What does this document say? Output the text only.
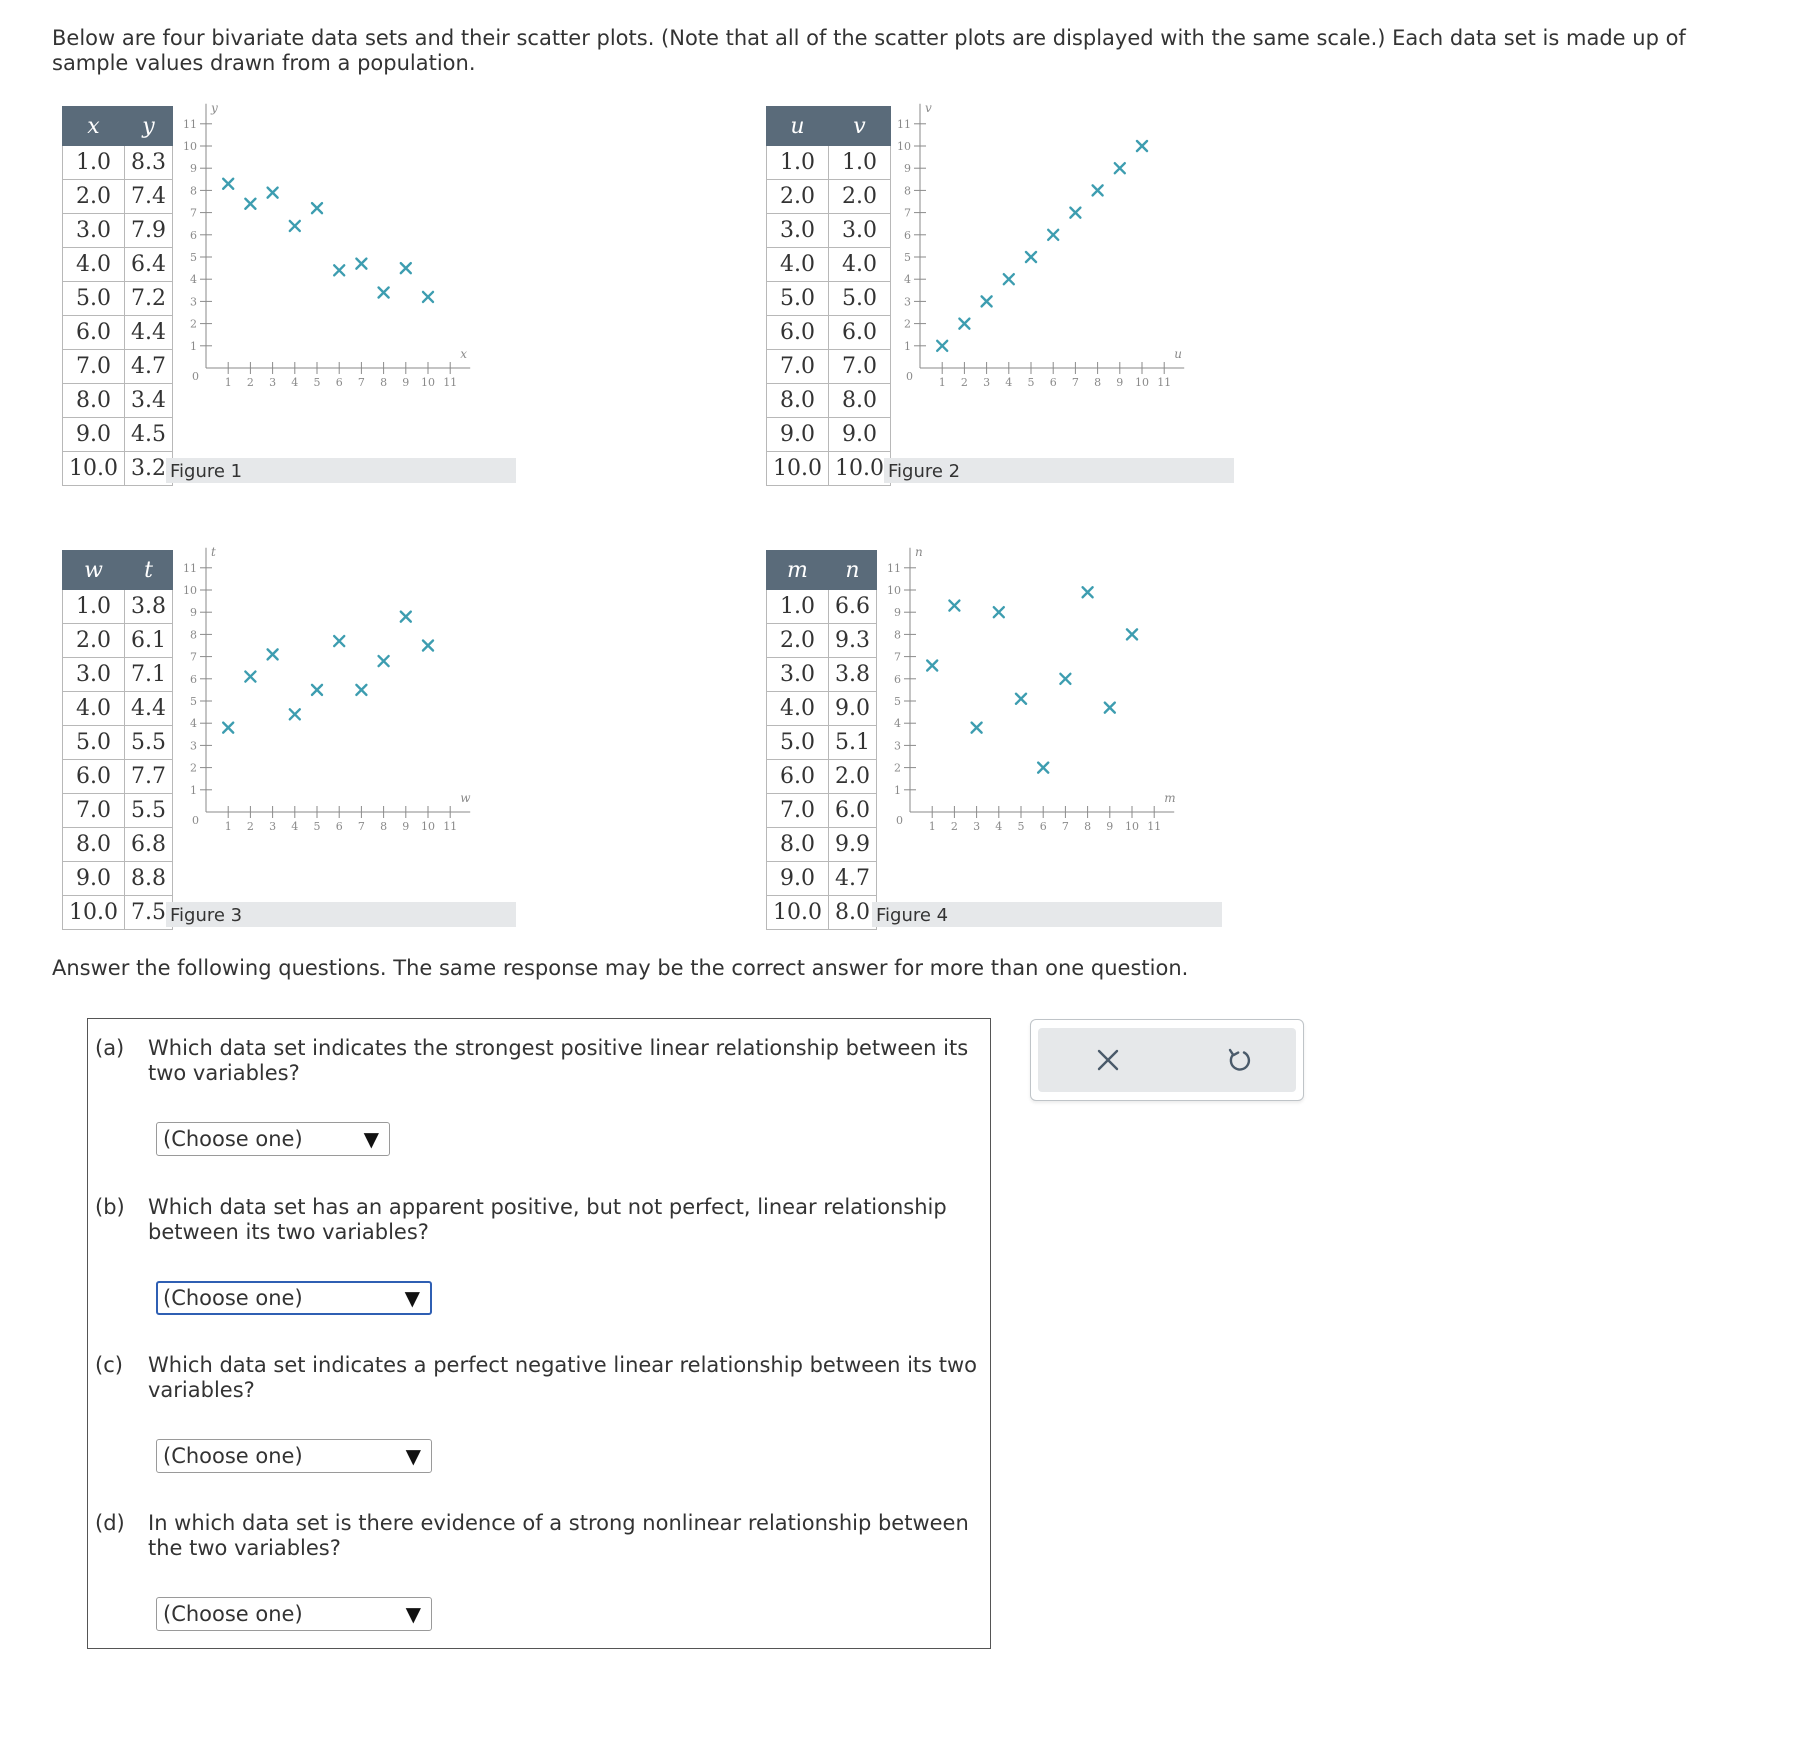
Below are four bivariate data sets and their scatter plots. (Note that all of the scatter plots are displayed with the same scale.) Each data set is made up of sample values drawn from a population.

x	y
1.0	8.3
2.0	7.4
3.0	7.9
4.0	6.4
5.0	7.2
6.0	4.4
7.0	4.7
8.0	3.4
9.0	4.5
10.0	3.2
0 1
1
2
2
3
3
4
4
5
5
6
6
7
7
8
8
9
9
10
10
11
11
x
y
Figure 1
u	v
1.0	1.0
2.0	2.0
3.0	3.0
4.0	4.0
5.0	5.0
6.0	6.0
7.0	7.0
8.0	8.0
9.0	9.0
10.0	10.0
0 1
1
2
2
3
3
4
4
5
5
6
6
7
7
8
8
9
9
10
10
11
11
u
v
Figure 2
w	t
1.0	3.8
2.0	6.1
3.0	7.1
4.0	4.4
5.0	5.5
6.0	7.7
7.0	5.5
8.0	6.8
9.0	8.8
10.0	7.5
0 1
1
2
2
3
3
4
4
5
5
6
6
7
7
8
8
9
9
10
10
11
11
w
t
Figure 3
m	n
1.0	6.6
2.0	9.3
3.0	3.8
4.0	9.0
5.0	5.1
6.0	2.0
7.0	6.0
8.0	9.9
9.0	4.7
10.0	8.0
0 1
1
2
2
3
3
4
4
5
5
6
6
7
7
8
8
9
9
10
10
11
11
m
n
Figure 4

Answer the following questions. The same response may be the correct answer for more than one question.

(a) Which data set indicates the strongest positive linear relationship between its two variables?
(Choose one)	▼
(b) Which data set has an apparent positive, but not perfect, linear relationship between its two variables?
(Choose one)	▼
(c) Which data set indicates a perfect negative linear relationship between its two variables?
(Choose one)	▼
(d) In which data set is there evidence of a strong nonlinear relationship between the two variables?
(Choose one)	▼
